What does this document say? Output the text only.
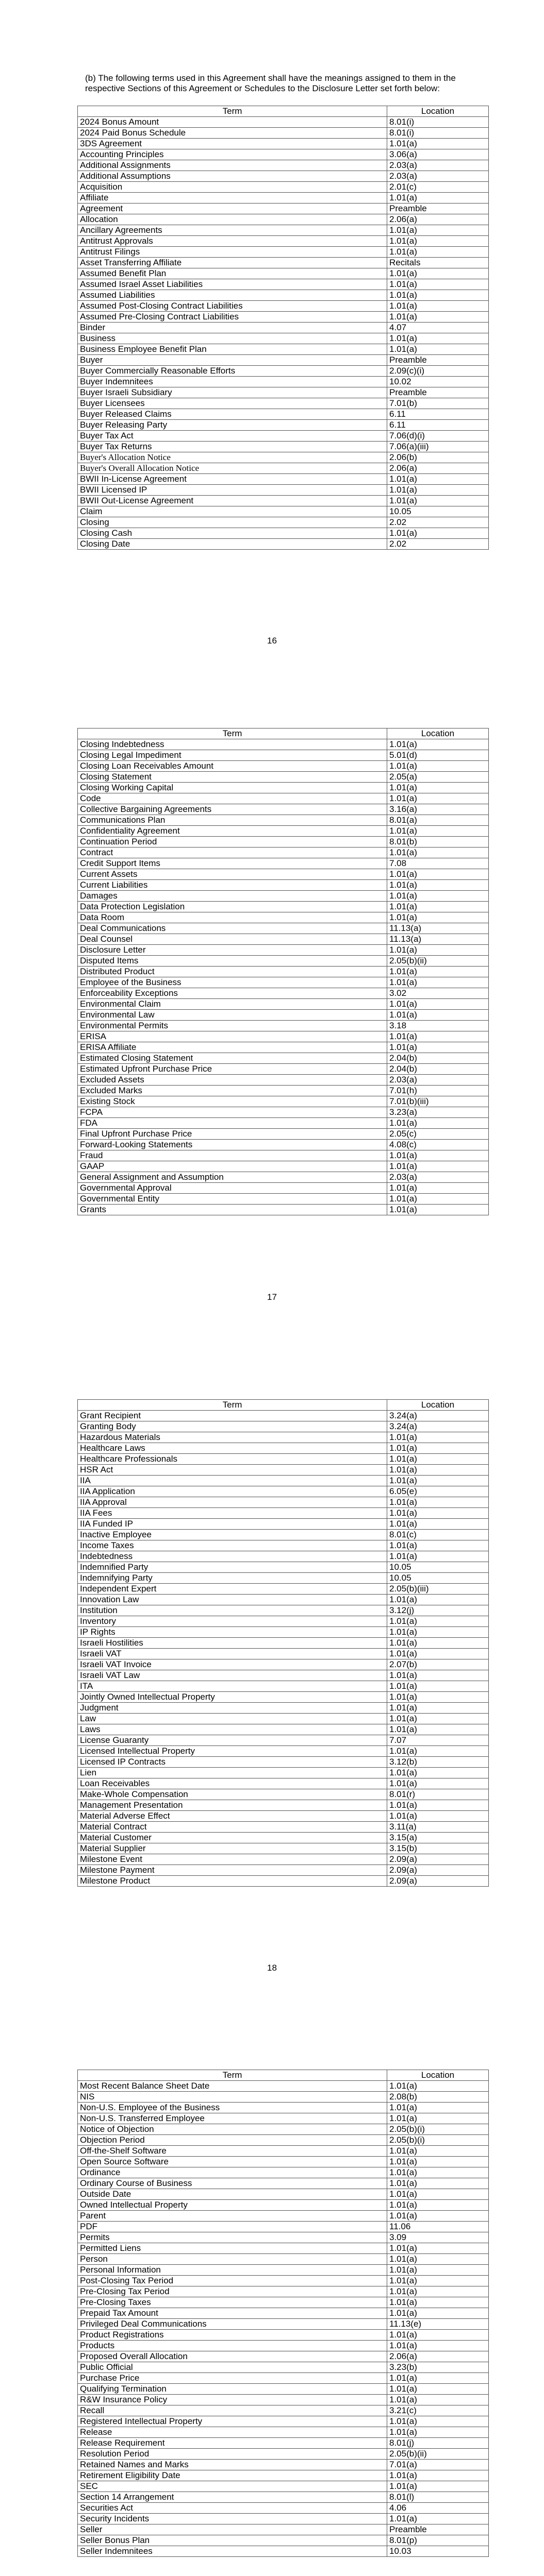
(b) The following terms used in this Agreement shall have the meanings assigned to them in the respective Sections of this Agreement or Schedules to the Disclosure Letter set forth below:
Term	Location
2024 Bonus Amount	8.01(i)
2024 Paid Bonus Schedule	8.01(i)
3DS Agreement	1.01(a)
Accounting Principles	3.06(a)
Additional Assignments	2.03(a)
Additional Assumptions	2.03(a)
Acquisition	2.01(c)
Affiliate	1.01(a)
Agreement	Preamble
Allocation	2.06(a)
Ancillary Agreements	1.01(a)
Antitrust Approvals	1.01(a)
Antitrust Filings	1.01(a)
Asset Transferring Affiliate	Recitals
Assumed Benefit Plan	1.01(a)
Assumed Israel Asset Liabilities	1.01(a)
Assumed Liabilities	1.01(a)
Assumed Post-Closing Contract Liabilities	1.01(a)
Assumed Pre-Closing Contract Liabilities	1.01(a)
Binder	4.07
Business	1.01(a)
Business Employee Benefit Plan	1.01(a)
Buyer	Preamble
Buyer Commercially Reasonable Efforts	2.09(c)(i)
Buyer Indemnitees	10.02
Buyer Israeli Subsidiary	Preamble
Buyer Licensees	7.01(b)
Buyer Released Claims	6.11
Buyer Releasing Party	6.11
Buyer Tax Act	7.06(d)(i)
Buyer Tax Returns	7.06(a)(iii)
Buyer's Allocation Notice	2.06(b)
Buyer's Overall Allocation Notice	2.06(a)
BWII In-License Agreement	1.01(a)
BWII Licensed IP	1.01(a)
BWII Out-License Agreement	1.01(a)
Claim	10.05
Closing	2.02
Closing Cash	1.01(a)
Closing Date	2.02
16
Term	Location
Closing Indebtedness	1.01(a)
Closing Legal Impediment	5.01(d)
Closing Loan Receivables Amount	1.01(a)
Closing Statement	2.05(a)
Closing Working Capital	1.01(a)
Code	1.01(a)
Collective Bargaining Agreements	3.16(a)
Communications Plan	8.01(a)
Confidentiality Agreement	1.01(a)
Continuation Period	8.01(b)
Contract	1.01(a)
Credit Support Items	7.08
Current Assets	1.01(a)
Current Liabilities	1.01(a)
Damages	1.01(a)
Data Protection Legislation	1.01(a)
Data Room	1.01(a)
Deal Communications	11.13(a)
Deal Counsel	11.13(a)
Disclosure Letter	1.01(a)
Disputed Items	2.05(b)(ii)
Distributed Product	1.01(a)
Employee of the Business	1.01(a)
Enforceability Exceptions	3.02
Environmental Claim	1.01(a)
Environmental Law	1.01(a)
Environmental Permits	3.18
ERISA	1.01(a)
ERISA Affiliate	1.01(a)
Estimated Closing Statement	2.04(b)
Estimated Upfront Purchase Price	2.04(b)
Excluded Assets	2.03(a)
Excluded Marks	7.01(h)
Existing Stock	7.01(b)(iii)
FCPA	3.23(a)
FDA	1.01(a)
Final Upfront Purchase Price	2.05(c)
Forward-Looking Statements	4.08(c)
Fraud	1.01(a)
GAAP	1.01(a)
General Assignment and Assumption	2.03(a)
Governmental Approval	1.01(a)
Governmental Entity	1.01(a)
Grants	1.01(a)
17
Term	Location
Grant Recipient	3.24(a)
Granting Body	3.24(a)
Hazardous Materials	1.01(a)
Healthcare Laws	1.01(a)
Healthcare Professionals	1.01(a)
HSR Act	1.01(a)
IIA	1.01(a)
IIA Application	6.05(e)
IIA Approval	1.01(a)
IIA Fees	1.01(a)
IIA Funded IP	1.01(a)
Inactive Employee	8.01(c)
Income Taxes	1.01(a)
Indebtedness	1.01(a)
Indemnified Party	10.05
Indemnifying Party	10.05
Independent Expert	2.05(b)(iii)
Innovation Law	1.01(a)
Institution	3.12(j)
Inventory	1.01(a)
IP Rights	1.01(a)
Israeli Hostilities	1.01(a)
Israeli VAT	1.01(a)
Israeli VAT Invoice	2.07(b)
Israeli VAT Law	1.01(a)
ITA	1.01(a)
Jointly Owned Intellectual Property	1.01(a)
Judgment	1.01(a)
Law	1.01(a)
Laws	1.01(a)
License Guaranty	7.07
Licensed Intellectual Property	1.01(a)
Licensed IP Contracts	3.12(b)
Lien	1.01(a)
Loan Receivables	1.01(a)
Make-Whole Compensation	8.01(r)
Management Presentation	1.01(a)
Material Adverse Effect	1.01(a)
Material Contract	3.11(a)
Material Customer	3.15(a)
Material Supplier	3.15(b)
Milestone Event	2.09(a)
Milestone Payment	2.09(a)
Milestone Product	2.09(a)
18
Term	Location
Most Recent Balance Sheet Date	1.01(a)
NIS	2.08(b)
Non-U.S. Employee of the Business	1.01(a)
Non-U.S. Transferred Employee	1.01(a)
Notice of Objection	2.05(b)(i)
Objection Period	2.05(b)(i)
Off-the-Shelf Software	1.01(a)
Open Source Software	1.01(a)
Ordinance	1.01(a)
Ordinary Course of Business	1.01(a)
Outside Date	1.01(a)
Owned Intellectual Property	1.01(a)
Parent	1.01(a)
PDF	11.06
Permits	3.09
Permitted Liens	1.01(a)
Person	1.01(a)
Personal Information	1.01(a)
Post-Closing Tax Period	1.01(a)
Pre-Closing Tax Period	1.01(a)
Pre-Closing Taxes	1.01(a)
Prepaid Tax Amount	1.01(a)
Privileged Deal Communications	11.13(e)
Product Registrations	1.01(a)
Products	1.01(a)
Proposed Overall Allocation	2.06(a)
Public Official	3.23(b)
Purchase Price	1.01(a)
Qualifying Termination	1.01(a)
R&W Insurance Policy	1.01(a)
Recall	3.21(c)
Registered Intellectual Property	1.01(a)
Release	1.01(a)
Release Requirement	8.01(j)
Resolution Period	2.05(b)(ii)
Retained Names and Marks	7.01(a)
Retirement Eligibility Date	1.01(a)
SEC	1.01(a)
Section 14 Arrangement	8.01(l)
Securities Act	4.06
Security Incidents	1.01(a)
Seller	Preamble
Seller Bonus Plan	8.01(p)
Seller Indemnitees	10.03
